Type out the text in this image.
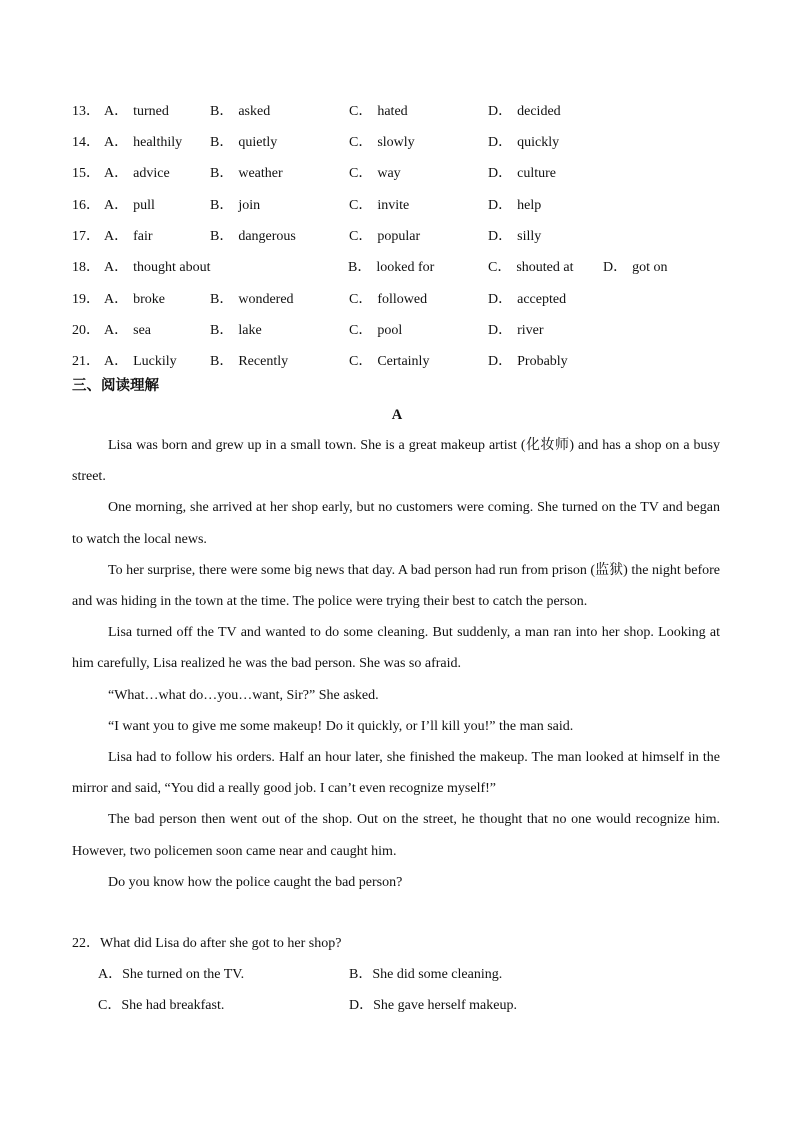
13． A． turned	B． asked	C． hated	D． decided
14． A． healthily B． quietly	C． slowly	D． quickly
15． A． advice	B． weather	C． way	D． culture
16． A． pull	B． join	C． invite	D． help
17． A． fair	B． dangerous	C． popular	D． silly
18． A． thought about	B． looked for	C． shouted at D． got on
19． A． broke	B． wondered	C． followed	D． accepted
20． A． sea	B． lake	C． pool	D． river
21． A． Luckily B． Recently	C． Certainly	D． Probably
三、阅读理解
A

Lisa was born and grew up in a small town. She is a great makeup artist (化妆师) and has a shop on a busy street.

One morning, she arrived at her shop early, but no customers were coming. She turned on the TV and began to watch the local news.

To her surprise, there were some big news that day. A bad person had run from prison (监狱) the night before and was hiding in the town at the time. The police were trying their best to catch the person.

Lisa turned off the TV and wanted to do some cleaning. But suddenly, a man ran into her shop. Looking at him carefully, Lisa realized he was the bad person. She was so afraid.

“What…what do…you…want, Sir?” She asked.

“I want you to give me some makeup! Do it quickly, or I’ll kill you!” the man said.

Lisa had to follow his orders. Half an hour later, she finished the makeup. The man looked at himself in the mirror and said, “You did a really good job. I can’t even recognize myself!”

The bad person then went out of the shop. Out on the street, he thought that no one would recognize him. However, two policemen soon came near and caught him.

Do you know how the police caught the bad person?

22．What did Lisa do after she got to her shop?
A．She turned on the TV.	B．She did some cleaning.
C．She had breakfast.	D．She gave herself makeup.
